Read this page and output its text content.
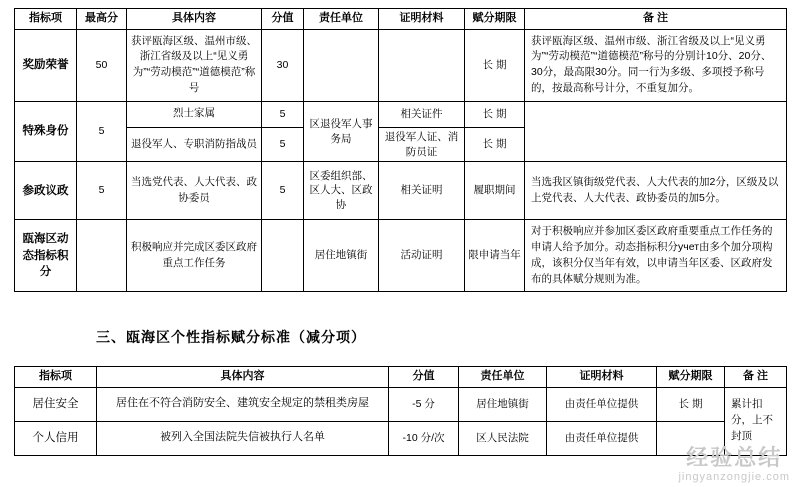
指标项	最高分	具体内容	分值	责任单位	证明材料	赋分期限	备 注
奖励荣誉	50	获评瓯海区级、温州市级、浙江省级及以上“见义勇为”“劳动模范”“道德模范”称号	30			长 期	获评瓯海区级、温州市级、浙江省级及以上“见义勇为”“劳动模范”“道德模范”称号的分别计10分、20分、30分，最高限30分。同一行为多级、多项授予称号的，按最高称号计分，不重复加分。
特殊身份	5	烈士家属	5	区退役军人事务局	相关证件	长 期	
		退役军人、专职消防指战员	5		退役军人证、消防员证	长 期	
参政议政	5	当选党代表、人大代表、政协委员	5	区委组织部、区人大、区政协	相关证明	履职期间	当选我区镇街级党代表、人大代表的加2分，区级及以上党代表、人大代表、政协委员的加5分。
瓯海区动态指标积分		积极响应并完成区委区政府重点工作任务		居住地镇街	活动证明	限申请当年	对于积极响应并参加区委区政府重要重点工作任务的申请人给予加分。动态指标积分учет由多个加分项构成，该积分仅当年有效，以申请当年区委、区政府发布的具体赋分规则为准。
三、瓯海区个性指标赋分标准（减分项）
指标项	具体内容	分值	责任单位	证明材料	赋分期限	备 注
居住安全	居住在不符合消防安全、建筑安全规定的禁租类房屋	-5 分	居住地镇街	由责任单位提供	长 期	累计扣分，上不封顶
个人信用	被列入全国法院失信被执行人名单	-10 分/次	区人民法院	由责任单位提供		
经验总结
jingyanzongjie.com
